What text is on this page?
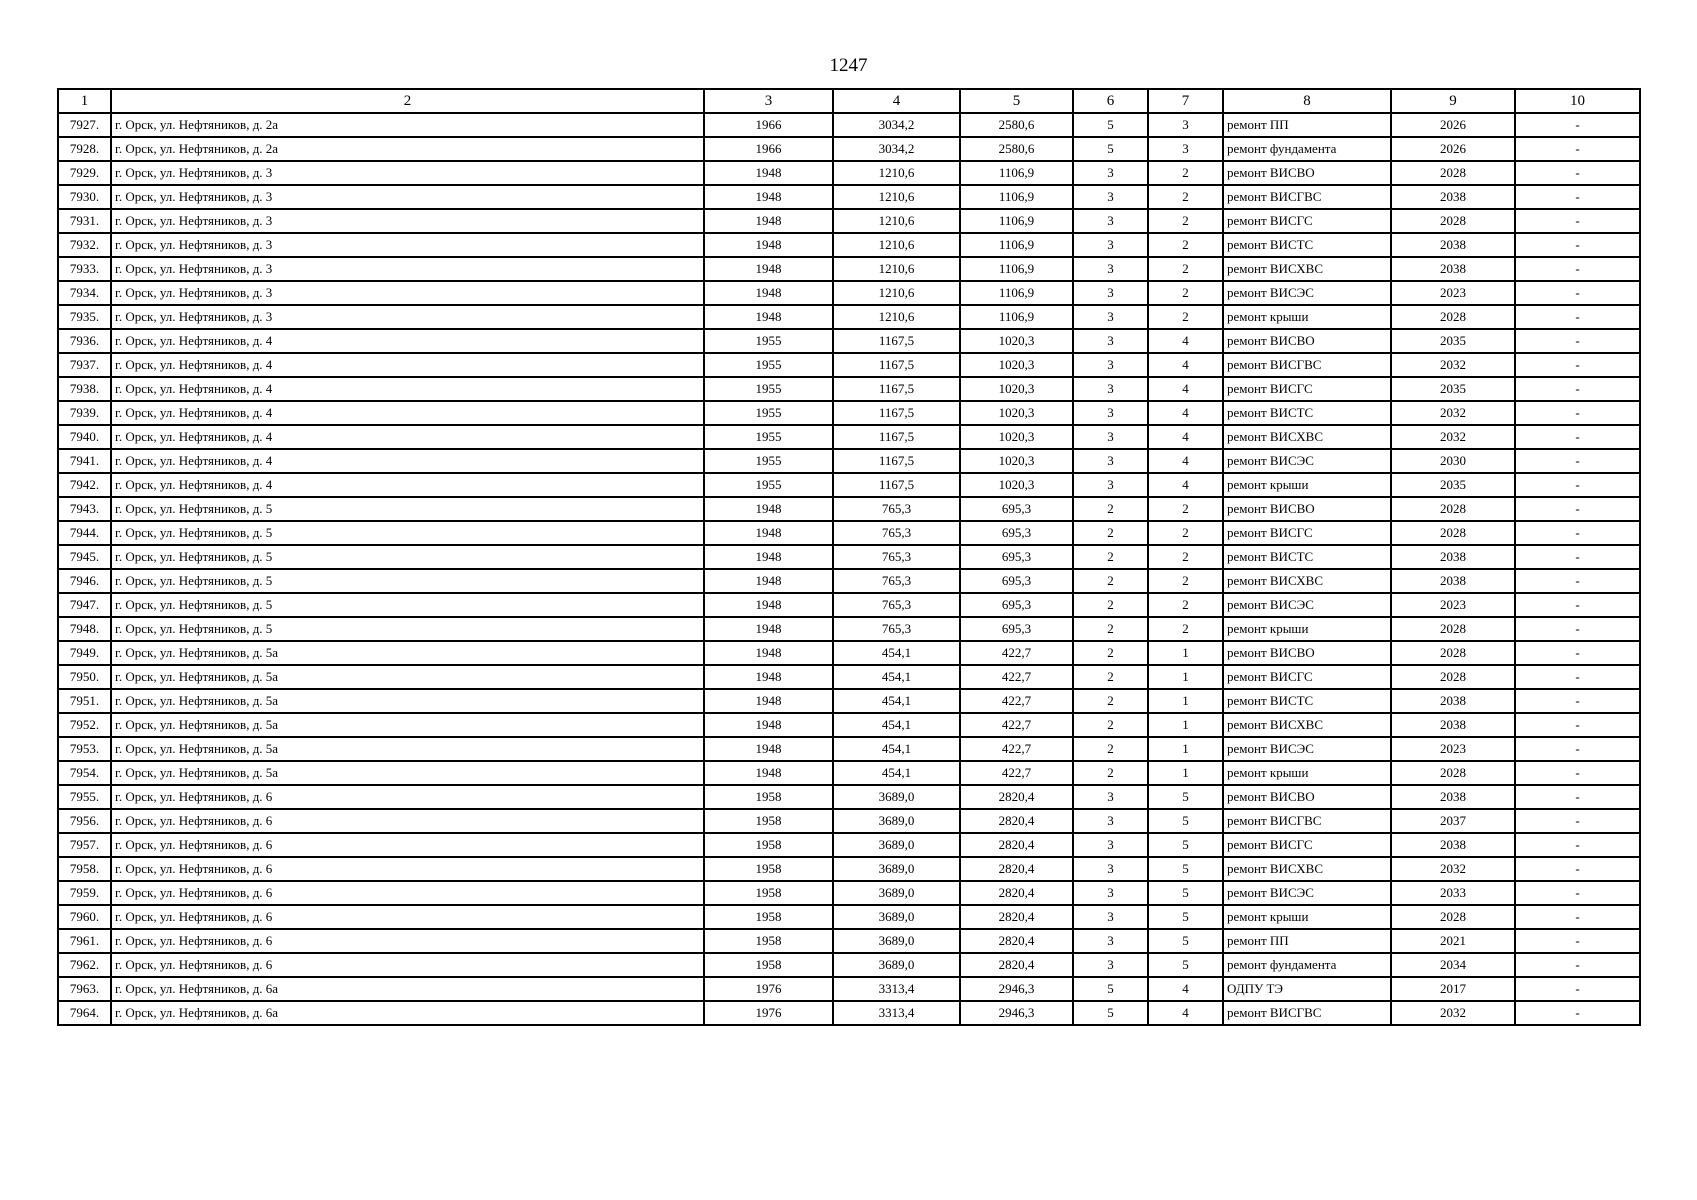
1247
1	2	3	4	5	6	7	8	9	10
7927.	г. Орск, ул. Нефтяников, д. 2а	1966	3034,2	2580,6	5	3	ремонт ПП	2026	-
7928.	г. Орск, ул. Нефтяников, д. 2а	1966	3034,2	2580,6	5	3	ремонт фундамента	2026	-
7929.	г. Орск, ул. Нефтяников, д. 3	1948	1210,6	1106,9	3	2	ремонт ВИСВО	2028	-
7930.	г. Орск, ул. Нефтяников, д. 3	1948	1210,6	1106,9	3	2	ремонт ВИСГВС	2038	-
7931.	г. Орск, ул. Нефтяников, д. 3	1948	1210,6	1106,9	3	2	ремонт ВИСГС	2028	-
7932.	г. Орск, ул. Нефтяников, д. 3	1948	1210,6	1106,9	3	2	ремонт ВИСТС	2038	-
7933.	г. Орск, ул. Нефтяников, д. 3	1948	1210,6	1106,9	3	2	ремонт ВИСХВС	2038	-
7934.	г. Орск, ул. Нефтяников, д. 3	1948	1210,6	1106,9	3	2	ремонт ВИСЭС	2023	-
7935.	г. Орск, ул. Нефтяников, д. 3	1948	1210,6	1106,9	3	2	ремонт крыши	2028	-
7936.	г. Орск, ул. Нефтяников, д. 4	1955	1167,5	1020,3	3	4	ремонт ВИСВО	2035	-
7937.	г. Орск, ул. Нефтяников, д. 4	1955	1167,5	1020,3	3	4	ремонт ВИСГВС	2032	-
7938.	г. Орск, ул. Нефтяников, д. 4	1955	1167,5	1020,3	3	4	ремонт ВИСГС	2035	-
7939.	г. Орск, ул. Нефтяников, д. 4	1955	1167,5	1020,3	3	4	ремонт ВИСТС	2032	-
7940.	г. Орск, ул. Нефтяников, д. 4	1955	1167,5	1020,3	3	4	ремонт ВИСХВС	2032	-
7941.	г. Орск, ул. Нефтяников, д. 4	1955	1167,5	1020,3	3	4	ремонт ВИСЭС	2030	-
7942.	г. Орск, ул. Нефтяников, д. 4	1955	1167,5	1020,3	3	4	ремонт крыши	2035	-
7943.	г. Орск, ул. Нефтяников, д. 5	1948	765,3	695,3	2	2	ремонт ВИСВО	2028	-
7944.	г. Орск, ул. Нефтяников, д. 5	1948	765,3	695,3	2	2	ремонт ВИСГС	2028	-
7945.	г. Орск, ул. Нефтяников, д. 5	1948	765,3	695,3	2	2	ремонт ВИСТС	2038	-
7946.	г. Орск, ул. Нефтяников, д. 5	1948	765,3	695,3	2	2	ремонт ВИСХВС	2038	-
7947.	г. Орск, ул. Нефтяников, д. 5	1948	765,3	695,3	2	2	ремонт ВИСЭС	2023	-
7948.	г. Орск, ул. Нефтяников, д. 5	1948	765,3	695,3	2	2	ремонт крыши	2028	-
7949.	г. Орск, ул. Нефтяников, д. 5а	1948	454,1	422,7	2	1	ремонт ВИСВО	2028	-
7950.	г. Орск, ул. Нефтяников, д. 5а	1948	454,1	422,7	2	1	ремонт ВИСГС	2028	-
7951.	г. Орск, ул. Нефтяников, д. 5а	1948	454,1	422,7	2	1	ремонт ВИСТС	2038	-
7952.	г. Орск, ул. Нефтяников, д. 5а	1948	454,1	422,7	2	1	ремонт ВИСХВС	2038	-
7953.	г. Орск, ул. Нефтяников, д. 5а	1948	454,1	422,7	2	1	ремонт ВИСЭС	2023	-
7954.	г. Орск, ул. Нефтяников, д. 5а	1948	454,1	422,7	2	1	ремонт крыши	2028	-
7955.	г. Орск, ул. Нефтяников, д. 6	1958	3689,0	2820,4	3	5	ремонт ВИСВО	2038	-
7956.	г. Орск, ул. Нефтяников, д. 6	1958	3689,0	2820,4	3	5	ремонт ВИСГВС	2037	-
7957.	г. Орск, ул. Нефтяников, д. 6	1958	3689,0	2820,4	3	5	ремонт ВИСГС	2038	-
7958.	г. Орск, ул. Нефтяников, д. 6	1958	3689,0	2820,4	3	5	ремонт ВИСХВС	2032	-
7959.	г. Орск, ул. Нефтяников, д. 6	1958	3689,0	2820,4	3	5	ремонт ВИСЭС	2033	-
7960.	г. Орск, ул. Нефтяников, д. 6	1958	3689,0	2820,4	3	5	ремонт крыши	2028	-
7961.	г. Орск, ул. Нефтяников, д. 6	1958	3689,0	2820,4	3	5	ремонт ПП	2021	-
7962.	г. Орск, ул. Нефтяников, д. 6	1958	3689,0	2820,4	3	5	ремонт фундамента	2034	-
7963.	г. Орск, ул. Нефтяников, д. 6а	1976	3313,4	2946,3	5	4	ОДПУ ТЭ	2017	-
7964.	г. Орск, ул. Нефтяников, д. 6а	1976	3313,4	2946,3	5	4	ремонт ВИСГВС	2032	-
